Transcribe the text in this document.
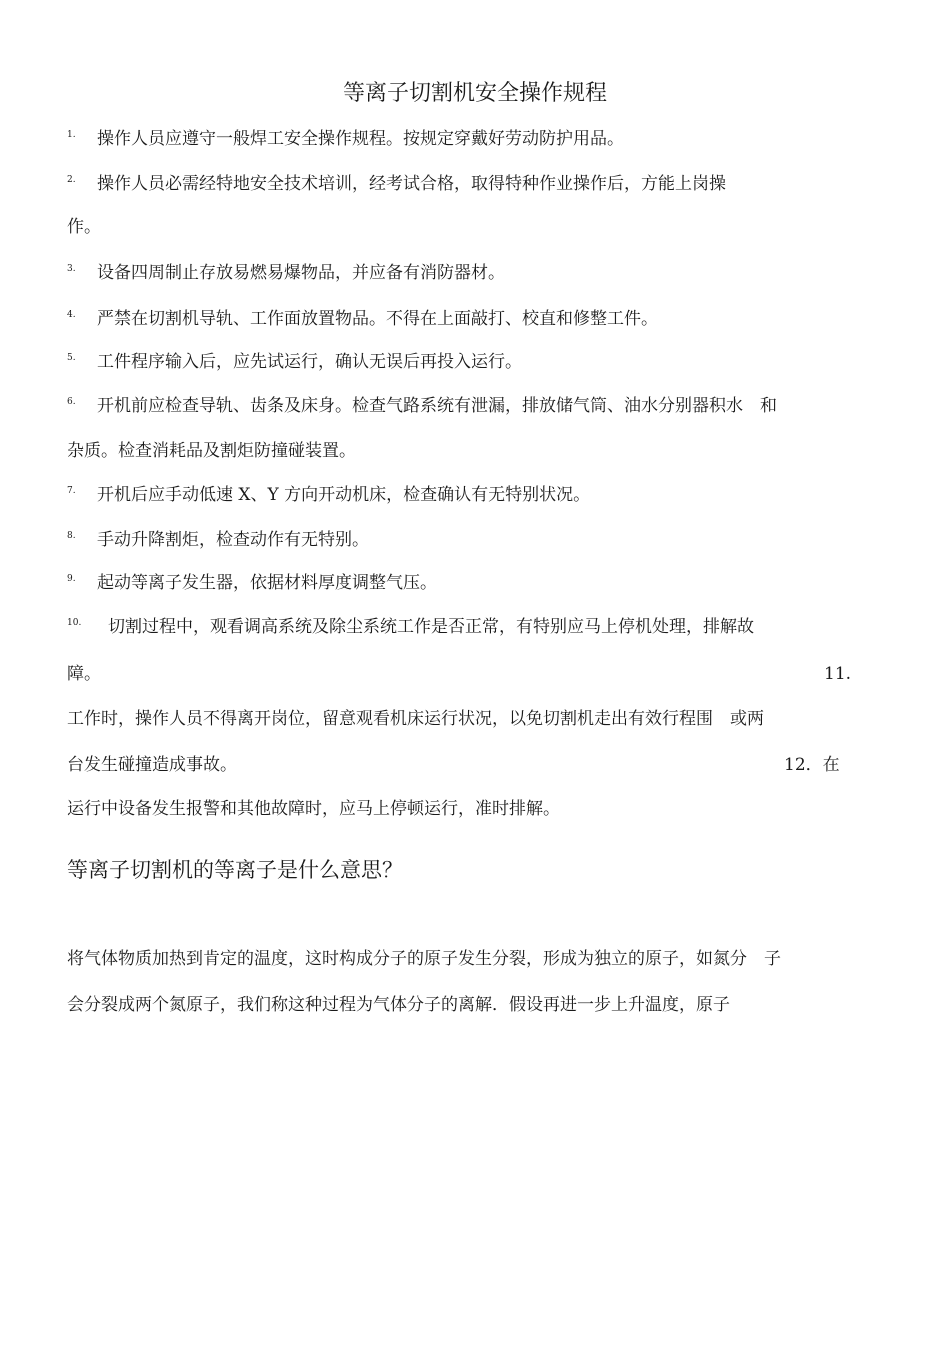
等离子切割机安全操作规程
1. 操作人员应遵守一般焊工安全操作规程。按规定穿戴好劳动防护用品。
2. 操作人员必需经特地安全技术培训，经考试合格，取得特种作业操作后，方能上岗操
作。
3. 设备四周制止存放易燃易爆物品，并应备有消防器材。
4. 严禁在切割机导轨、工作面放置物品。不得在上面敲打、校直和修整工件。
5. 工件程序输入后，应先试运行，确认无误后再投入运行。
6. 开机前应检查导轨、齿条及床身。检查气路系统有泄漏，排放储气筒、油水分别器积水　和
杂质。检查消耗品及割炬防撞碰装置。
7. 开机后应手动低速 X、Y 方向开动机床，检查确认有无特别状况。
8. 手动升降割炬，检查动作有无特别。
9. 起动等离子发生器，依据材料厚度调整气压。
10. 切割过程中，观看调高系统及除尘系统工作是否正常，有特别应马上停机处理，排解故
障。	11.
工作时，操作人员不得离开岗位，留意观看机床运行状况，以免切割机走出有效行程围　或两
台发生碰撞造成事故。	12．在
运行中设备发生报警和其他故障时，应马上停顿运行，准时排解。
等离子切割机的等离子是什么意思？
将气体物质加热到肯定的温度，这时构成分子的原子发生分裂，形成为独立的原子，如氮分　子
会分裂成两个氮原子，我们称这种过程为气体分子的离解．假设再进一步上升温度，原子
